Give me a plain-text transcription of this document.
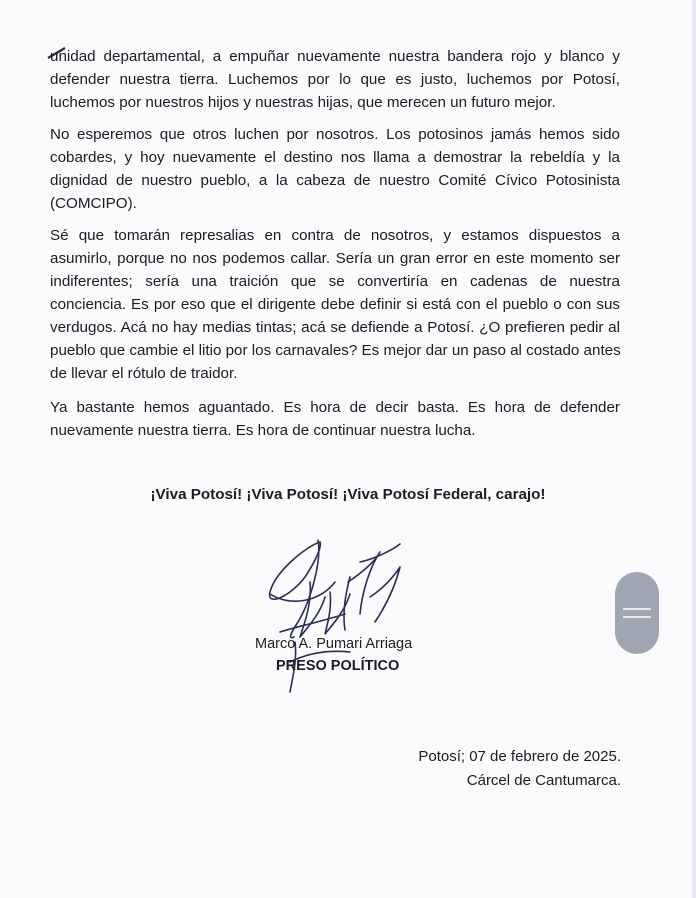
unidad departamental, a empuñar nuevamente nuestra bandera rojo y blanco y
defender nuestra tierra. Luchemos por lo que es justo, luchemos por Potosí,
luchemos por nuestros hijos y nuestras hijas, que merecen un futuro mejor.
No esperemos que otros luchen por nosotros. Los potosinos jamás hemos sido
cobardes, y hoy nuevamente el destino nos llama a demostrar la rebeldía y la
dignidad de nuestro pueblo, a la cabeza de nuestro Comité Cívico Potosinista
(COMCIPO).
Sé que tomarán represalias en contra de nosotros, y estamos dispuestos a
asumirlo, porque no nos podemos callar. Sería un gran error en este momento ser
indiferentes; sería una traición que se convertiría en cadenas de nuestra
conciencia. Es por eso que el dirigente debe definir si está con el pueblo o con sus
verdugos. Acá no hay medias tintas; acá se defiende a Potosí. ¿O prefieren pedir al
pueblo que cambie el litio por los carnavales? Es mejor dar un paso al costado antes
de llevar el rótulo de traidor.
Ya bastante hemos aguantado. Es hora de decir basta. Es hora de defender
nuevamente nuestra tierra. Es hora de continuar nuestra lucha.
¡Viva Potosí! ¡Viva Potosí! ¡Viva Potosí Federal, carajo!
Marco A. Pumari Arriaga
PRESO POLÍTICO
Potosí; 07 de febrero de 2025.
Cárcel de Cantumarca.
